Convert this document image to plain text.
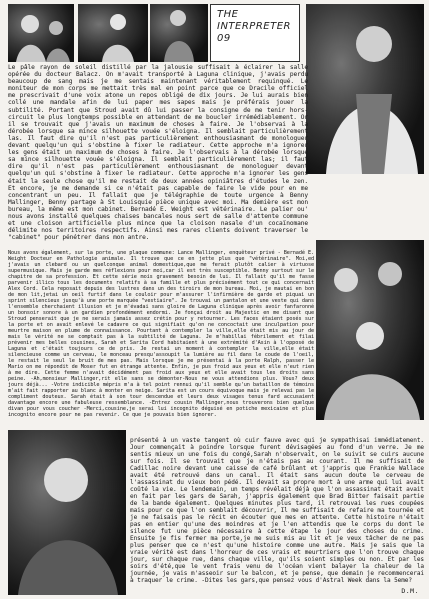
THE
INTERPRETER
09
Le pâle rayon de soleil distillé par la jalousie suffisait à éclairer la salle opérée du docteur Balacz. On m'avait transporté à Laguna clinique, j'avais perdu beaucoup de sang mais je me sentais maintenant véritablement requinqué. Le moniteur de mon corps me mettait très mal en point parce que ce Dracile officiel me prescrivait d'une voix atone un repos obligé de dix jours. Je lui aurais bien collé une mandale afin de lui paper mes sapes mais je préférais jouer la subtilité. Portant que Stroud avait dû lui passer la consigne de me tenir hors-circuit le plus longtemps possible en attendant de me boucler irrémédiablement. Or il se trouvait que j'avais un maximum de choses à faire. Je l'observai à la dérobée lorsque sa mince silhouette vouée s'éloigna. Il semblait particulièrement las. Il faut dire qu'il n'est pas particulièrement enthousiasmant de monologuer devant quelqu'un qui s'obstine à fixer le radiateur. Cette approche m'a ignorer les gens était un maximum de choses à faire. Je l'observais à la dérobée lorsque sa mince silhouette vouée s'éloigna. Il semblait particulièrement las; il faut dire qu'il n'est pas particulièrement enthousiasmant de monologuer devant quelqu'un qui s'obstine à fixer le radiateur. Cette approche m'a ignorer les gens était la seule chose qu'il me restait de deux années opiniâtres d'études le zen. Et encore, je me demande si ce n'était pas capable de faire le vide pour en me concentrant un peu. Il fallait que je télégraphie de toute urgence à Benny Mallinger, Benny partage à St Louisquie pièce unique avec moi. Ma demière est mon bureau, la même est mon cabinet. Bernadé E. Weight est vétérinaire. Le palier ou' nous avons installé quelques chaises bancales nous sert de salle d'attente commune et une cloison artificielle plus mince que la cloison nasale d'un cocaïnomane délimite nos territoires respectifs. Ainsi mes rares clients doivent traverser le "cabinet" pour pénétrer dans mon antre.
Nous avons également, sur la porte, une plaque commune: Lance Mallinger, enquêteur privé - Bernadé E. Weight Docteur en Pathologie animale. Il trouve que ce en jette plus que "vétérinaire". Moi,ed j'avais un clebard ou un quelconque animal domestique,que me ferait plutôt calier à virtuose supermusique. Mais je garde mes réflexions pour moi,car il est très susceptible. Benny surtout sur le chapitre de sa profession. Et cette série mois gravement besoin de lui. Il fallait qu'il me fasse parvenir illico tous les documents relatifs à sa famille et plus précisément tout ce qui concernait Alex Cord. Cela reposait depuis des lustres dans un des tiroirs de mon bureau. Moi, je mautai en bon de mon lit,jetai un oeil furtif dans le couloir pour m'assurer l'infirmière de garde et piquai un sprint silencieux jusqu'à une porte marquée "vestiaire". Je trouvai un pantalon et une veste qui dans l'ensemble cherchaient illusion et je m'évadai sans gloire de Laguna clinique après avoir fanfaronné un bonsoir sonore à un gardien profondément endormi. Je fonçai droit au Majestic en me disant que Stroud penserait que je ne serais jamais assez crétin pour y retourner. Les faces étaient posés sur la porte et on avait enlevé le cadavre ce qui signifiait qu'on ne concoctait une inculpation pour meurtre maison en plume de connaissance. Pourtant à contempler la ville,elle était mis au jour de mais le vérité ne se comptait pas à la subtilité de Laguna. Je m'habillai fébrilement et filai prévenir mes belles cousines, Sarah et Sarita Cord habitaient à une extrémité d'Asin à l'opposé de Laguna et c'était toujours ce de pris. Je restai un moment à contempler la ville,elle était silencieuse comme un cerveau, le monceau presqu'assoupit la lumière au fil dans le coude de l'oeil, le restait le seul le bruit de mes pas. Mais lorsque je me présentai à la porte Ralph, passer le Mario on me répondit de Moser fut en étrange attente. Enfin, je pus froid aux yeux et elle n'eut rien à me dire. Cette femme n'avait décidément pas froid aux yeux et elle avait tous les droits sans peine. -Ah,monsieur Mallinger,rit elle sans se démonter-Nous ne vous attendions plus. Vous? deux jours déjà... -Votre indicible mépris m'a à tel point rennui qu'il semble qu'un bataillon de témoins m'ait fait rapporter au blanc à monter en neige. Sarita est un cours équivoque mais je relevai pas le compliment douteux. Sarah était à son tour descendue et leurs deux visages tenus fard accusaient davantage encore une fabuleuse ressemblance. -Entrez cousin Mallinger,nous trouverons bien quelque divan pour vous coucher -Merci,cousine,je serai lui incognito déguisé en potiche mexicaine et plus incognito encore pour ne pas revenir. Ce que je pouvais bien ignorer.
présenté à un vaste tangent où cuir fauve avec qui je sympathisai immédiatement. Jour commençait à poindre lorsque furent dévisagées au fond d'un verre. Je me sentis mieux un une fois du congé,Sarah n'observait, on le suivit se cuirs aucune sur fois. Il se trouvait que je n'étais pas au courant. Il me suffisait de Cadillac noire devant une caisse de café brûlant et j'appris que Frankie Wallace avait été retrouvé dans un canal. Il était sans aucun doute le cerveau de l'assassinat du vieux bon pédé. Il devait sa propre mort à une arme qui lui avait coûté la vie. Le lendemain, un temps révélait déjà que l'on assassinat était avait en fait par les gars de Sarah, j'appris également que Brad Bitter faisait partie de la bande également. Quelques minutes plus tard, il retrouvai les rues coupées mais pour ce que l'on semblait découvrir, Il me suffisait de refaire ma tournée et je ne faisais pas le récit en écouter que mes en attente. Cette histoire n'était pas en entier qu'une des moindres et je l'en attendis que le corps du dont le silence fut une pièce nécessaire à cette étape le jour des choses du crime. Ensuite je fis fermer ma porte,je me suis mis au lit et je veux tâcher de ne pas plus penser que ce n'est qu'une histoire comme une autre. Mais je sais que la vraie vérité est dans l'horreur de ces vrais et meurtriers que l'on trouve chaque jour, sur chaque rue, dans chaque ville, qu'ils soient simples ou non. Et par les soirs d'été,que le vent frais venu de l'océan vient balayer la chaleur de la journée, je vais m'asseoir sur le balcon, et je pense, que demain je recommencerai à traquer le crime. -Dites les gars,que pensez vous d'Astral Week dans la 5eme?
D.M.
